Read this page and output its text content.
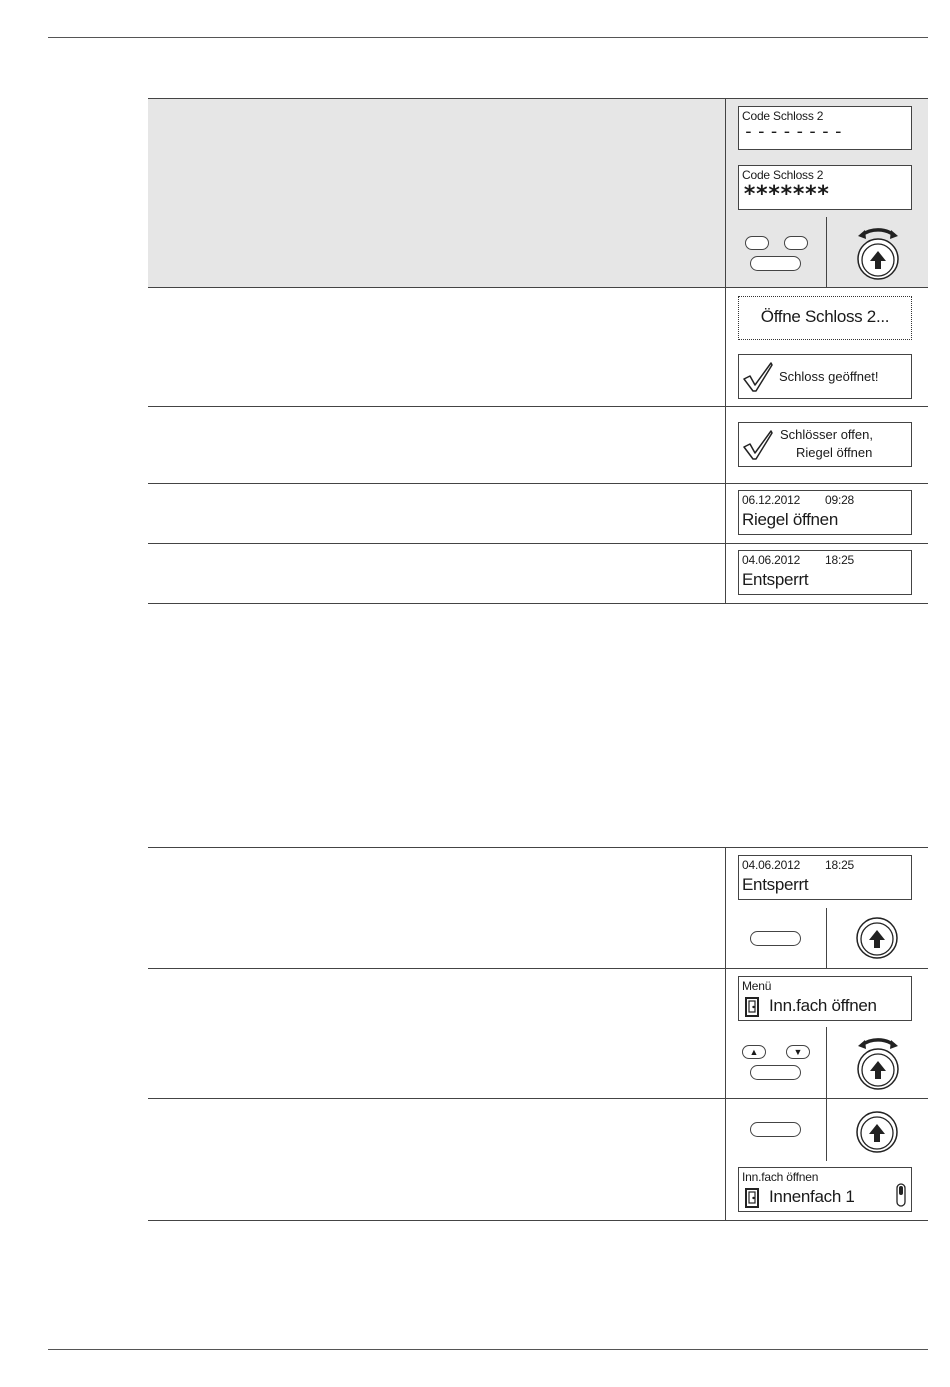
Code Schloss 2
--------
Code Schloss 2
*******
Öffne Schloss 2...
Schloss geöffnet!
Schlösser offen,
Riegel öffnen
06.12.2012 09:28
Riegel öffnen
04.06.2012 18:25
Entsperrt
04.06.2012 18:25
Entsperrt
Menü
Inn.fach öffnen
▲	▼
Inn.fach öffnen
Innenfach 1
